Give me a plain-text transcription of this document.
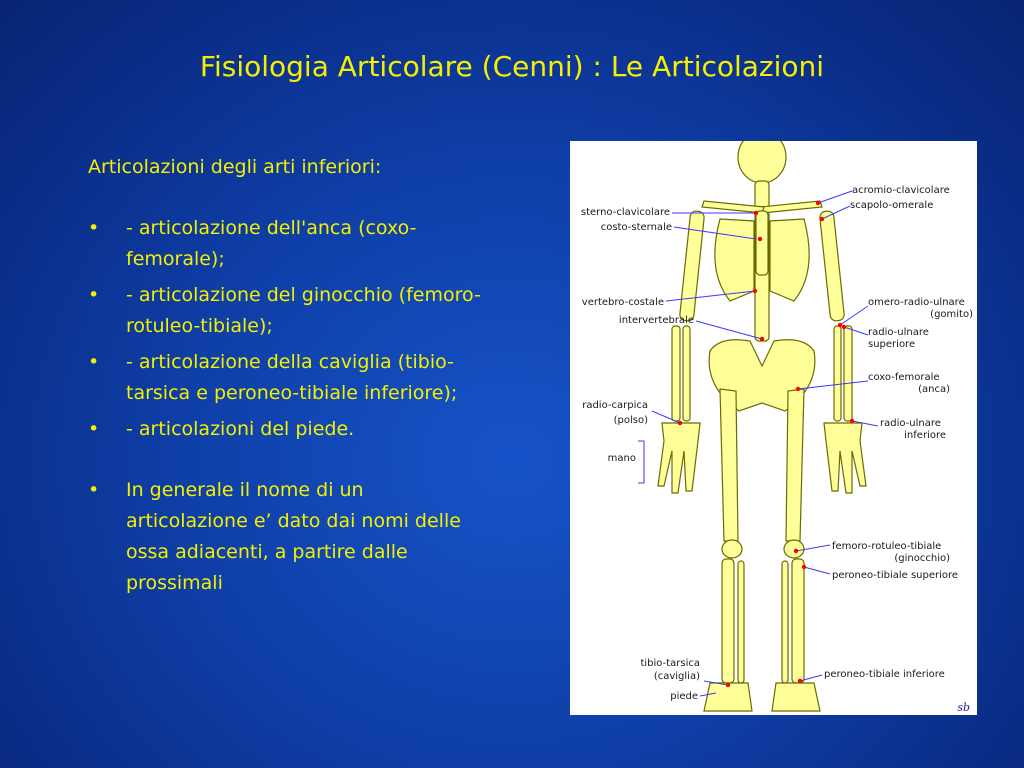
Fisiologia Articolare (Cenni) : Le Articolazioni
Articolazioni degli arti inferiori:
• - articolazione dell'anca (coxo-femorale);
• - articolazione del ginocchio (femoro-rotuleo-tibiale);
• - articolazione della caviglia (tibio-tarsica e peroneo-tibiale inferiore);
• - articolazioni del piede.
• In generale il nome di un articolazione e’ dato dai nomi delle ossa adiacenti, a partire dalle prossimali
acromio-clavicolare
scapolo-omerale
sterno-clavicolare
costo-sternale
vertebro-costale
intervertebrale
omero-radio-ulnare
(gomito)
radio-ulnare
superiore
coxo-femorale
(anca)
radio-carpica
(polso)	radio-ulnare
inferiore
mano
femoro-rotuleo-tibiale
(ginocchio)
peroneo-tibiale superiore
tibio-tarsica
(caviglia)	peroneo-tibiale inferiore
piede
sb
